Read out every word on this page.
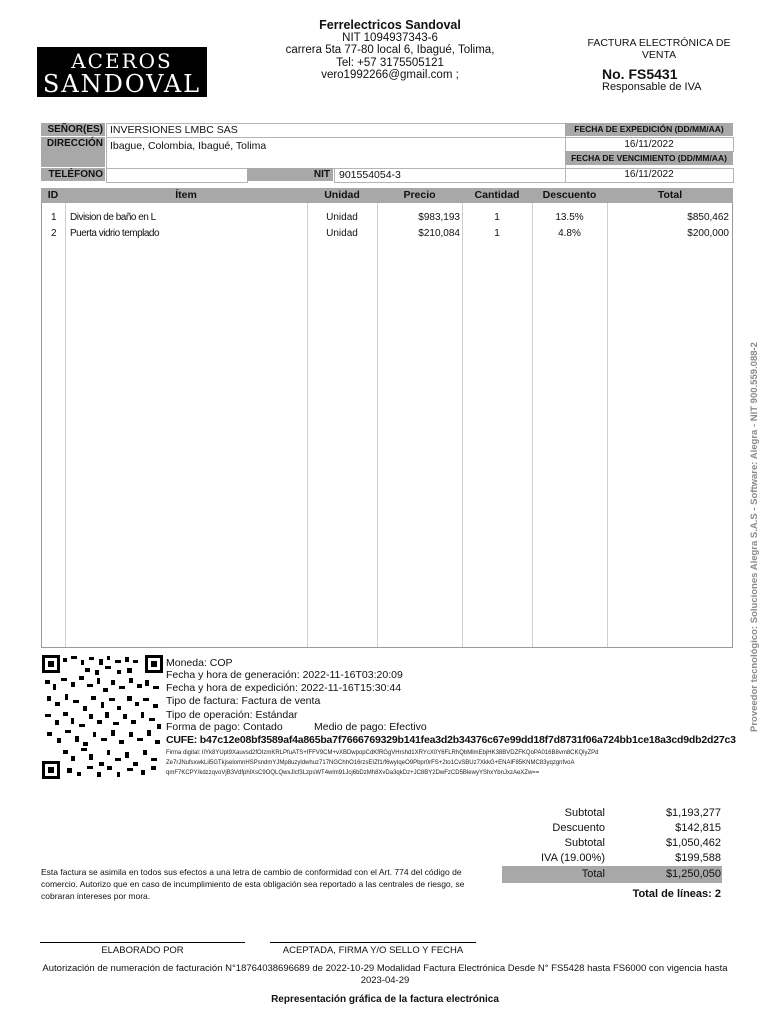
ACEROS
SANDOVAL
Ferrelectricos Sandoval
NIT 1094937343-6
carrera 5ta 77-80 local 6, Ibagué, Tolima,
Tel: +57 3175505121
vero1992266@gmail.com ;
FACTURA ELECTRÓNICA DE VENTA
No. FS5431
Responsable de IVA
SEÑOR(ES) INVERSIONES LMBC SAS
DIRECCIÓN Ibague, Colombia, Ibagué, Tolima
TELÉFONO	NIT 901554054-3
FECHA DE EXPEDICIÓN (DD/MM/AA)
16/11/2022
FECHA DE VENCIMIENTO (DD/MM/AA)
16/11/2022
ID	Ítem	Unidad	Precio	Cantidad	Descuento	Total
1 Division de baño en L	Unidad	$983,193	1	13.5%	$850,462
2 Puerta vidrio templado	Unidad	$210,084	1	4.8%	$200,000
Moneda: COP
Fecha y hora de generación: 2022-11-16T03:20:09
Fecha y hora de expedición: 2022-11-16T15:30:44
Tipo de factura: Factura de venta
Tipo de operación: Estándar
Forma de pago: Contado	Medio de pago: Efectivo
CUFE: b47c12e08bf3589af4a865ba7f7666769329b141fea3d2b34376c67e99dd18f7d8731f06a724bb1ce18a3cd9db2d27c3
Firma digital: lIYk8YUpt9Xauvsd2fOIzmKRLPfuATS+fFFV9CM+vXBDwpopCdKfRGgVHrshd1XRYcX0Y6FLRhQbMlmEbjHK38BVDZFKQoPA016B8vm8CKQiyZPd
Ze7rJNufsxwkLil5GTkjselomnHSPsndmYJMp8uzyldwhuz717NGChhO16rzsEIZf1/f6wyIqeO9Pbpr0rFS+2to1CvSBUz7XkkG+ENAlF85KNMC83yqzgnfvoA
qmF7KCPY/kdzzqvoVjB3VdfphlXsC9OQLQwxJlcf3LzpsWT4wlm91Jcj6bDzMh8XvDa3qkDz+JC8BY2DwFzCD5BlewyYShxYbnJxzAeXZw==
Subtotal	$1,193,277
Descuento	$142,815
Subtotal	$1,050,462
IVA (19.00%)	$199,588
Total	$1,250,050
Total de líneas: 2
Esta factura se asimila en todos sus efectos a una letra de cambio de conformidad con el Art. 774 del código de comercio. Autorizo que en caso de incumplimiento de esta obligación sea reportado a las centrales de riesgo, se cobraran intereses por mora.
ELABORADO POR	ACEPTADA, FIRMA Y/O SELLO Y FECHA
Autorización de numeración de facturación N°18764038696689 de 2022-10-29 Modalidad Factura Electrónica Desde N° FS5428 hasta FS6000 con vigencia hasta 2023-04-29
Representación gráfica de la factura electrónica
Proveedor tecnológico: Soluciones Alegra S.A.S - Software: Alegra - NIT 900.559.088-2
